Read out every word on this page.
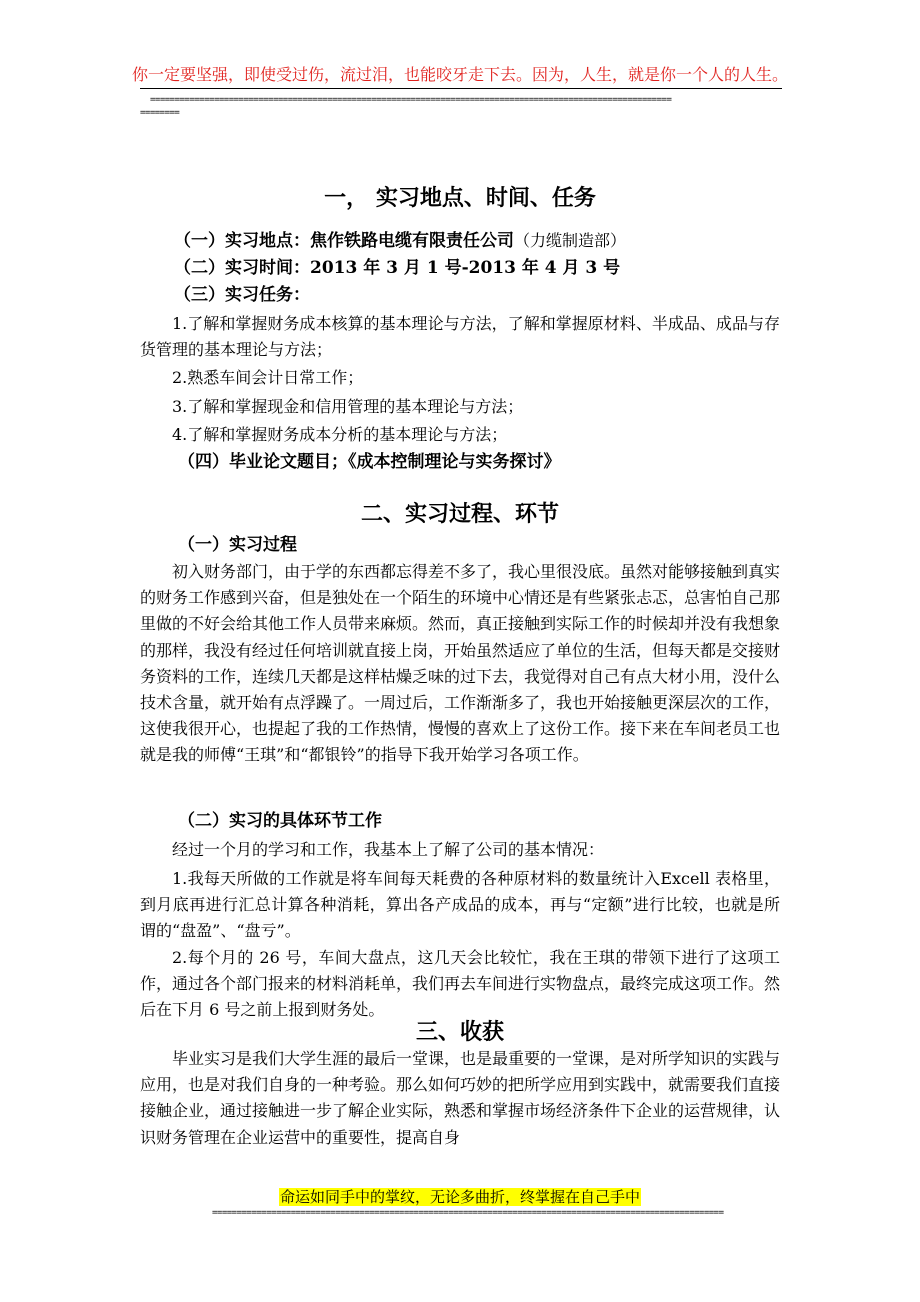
你一定要坚强，即使受过伤，流过泪，也能咬牙走下去。因为，人生，就是你一个人的人生。
==========================================================================================================
========
一， 实习地点、时间、任务
（一）实习地点：焦作铁路电缆有限责任公司（力缆制造部）
（二）实习时间：2013 年 3 月 1 号-2013 年 4 月 3 号
（三）实习任务：
1.了解和掌握财务成本核算的基本理论与方法，了解和掌握原材料、半成品、成品与存货管理的基本理论与方法；
2.熟悉车间会计日常工作；
3.了解和掌握现金和信用管理的基本理论与方法；
4.了解和掌握财务成本分析的基本理论与方法；
（四）毕业论文题目；《成本控制理论与实务探讨》
二、实习过程、环节
（一）实习过程
初入财务部门，由于学的东西都忘得差不多了，我心里很没底。虽然对能够接触到真实的财务工作感到兴奋，但是独处在一个陌生的环境中心情还是有些紧张忐忑，总害怕自己那里做的不好会给其他工作人员带来麻烦。然而，真正接触到实际工作的时候却并没有我想象的那样，我没有经过任何培训就直接上岗，开始虽然适应了单位的生活，但每天都是交接财务资料的工作，连续几天都是这样枯燥乏味的过下去，我觉得对自己有点大材小用，没什么技术含量，就开始有点浮躁了。一周过后，工作渐渐多了，我也开始接触更深层次的工作，这使我很开心，也提起了我的工作热情，慢慢的喜欢上了这份工作。接下来在车间老员工也就是我的师傅“王琪”和“都银铃”的指导下我开始学习各项工作。
（二）实习的具体环节工作
经过一个月的学习和工作，我基本上了解了公司的基本情况：
1.我每天所做的工作就是将车间每天耗费的各种原材料的数量统计入Excell 表格里，到月底再进行汇总计算各种消耗，算出各产成品的成本，再与“定额”进行比较，也就是所谓的“盘盈”、“盘亏”。
2.每个月的 26 号，车间大盘点，这几天会比较忙，我在王琪的带领下进行了这项工作，通过各个部门报来的材料消耗单，我们再去车间进行实物盘点，最终完成这项工作。然后在下月 6 号之前上报到财务处。
三、收获
毕业实习是我们大学生涯的最后一堂课，也是最重要的一堂课，是对所学知识的实践与应用，也是对我们自身的一种考验。那么如何巧妙的把所学应用到实践中，就需要我们直接接触企业，通过接触进一步了解企业实际，熟悉和掌握市场经济条件下企业的运营规律，认识财务管理在企业运营中的重要性，提高自身
命运如同手中的掌纹，无论多曲折，终掌握在自己手中
========================================================================================================
